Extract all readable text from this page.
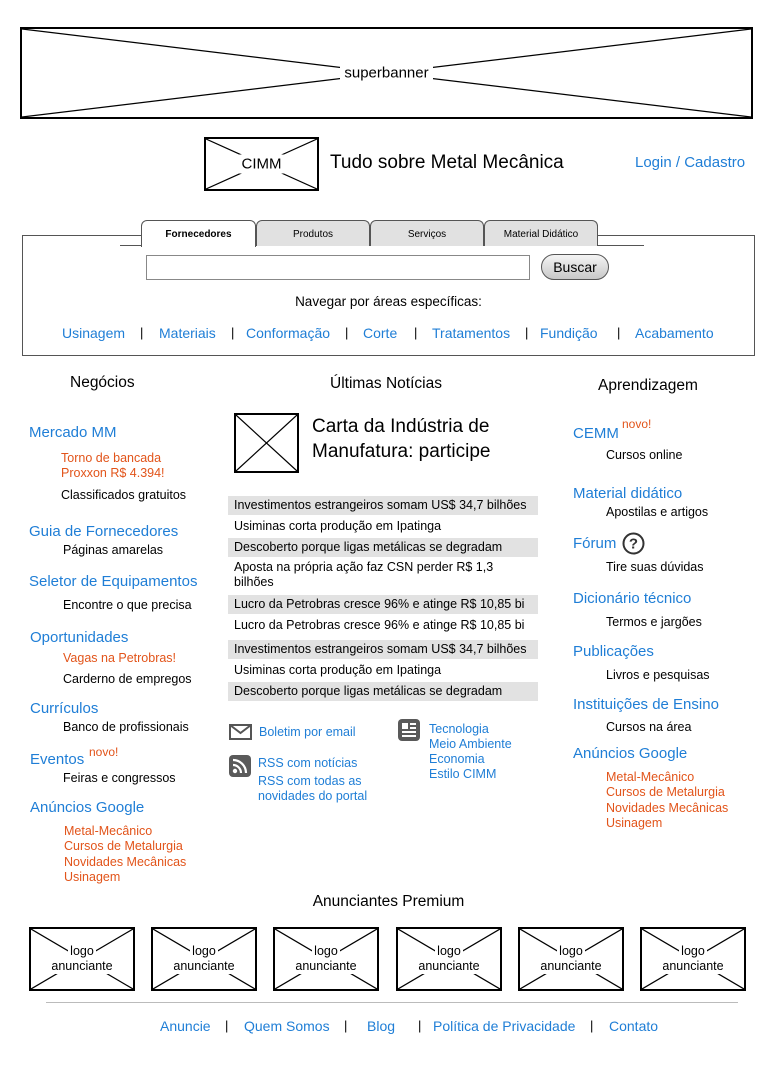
superbanner
CIMM	Tudo sobre Metal Mecânica	Login / Cadastro
Fornecedores	Produtos	Serviços	Material Didático
Buscar
Navegar por áreas específicas:
Usinagem | Materiais | Conformação | Corte | Tratamentos | Fundição | Acabamento
Negócios
Mercado MM
Torno de bancada
Proxxon R$ 4.394!
Classificados gratuitos
Guia de Fornecedores
Páginas amarelas
Seletor de Equipamentos
Encontre o que precisa
Oportunidades
Vagas na Petrobras!
Carderno de empregos
Currículos
Banco de profissionais
Eventos novo!
Feiras e congressos
Anúncios Google
Metal-Mecânico
Cursos de Metalurgia
Novidades Mecânicas
Usinagem
Últimas Notícias
Carta da Indústria de Manufatura: participe
Investimentos estrangeiros somam US$ 34,7 bilhões
Usiminas corta produção em Ipatinga
Descoberto porque ligas metálicas se degradam
Aposta na própria ação faz CSN perder R$ 1,3 bilhões
Lucro da Petrobras cresce 96% e atinge R$ 10,85 bi
Lucro da Petrobras cresce 96% e atinge R$ 10,85 bi
Investimentos estrangeiros somam US$ 34,7 bilhões
Usiminas corta produção em Ipatinga
Descoberto porque ligas metálicas se degradam
Boletim por email
RSS com notícias
RSS com todas as
novidades do portal
Tecnologia
Meio Ambiente
Economia
Estilo CIMM
Aprendizagem
CEMM
novo!
Cursos online
Material didático
Apostilas e artigos
Fórum ?
Tire suas dúvidas
Dicionário técnico
Termos e jargões
Publicações
Livros e pesquisas
Instituições de Ensino
Cursos na área
Anúncios Google
Metal-Mecânico
Cursos de Metalurgia
Novidades Mecânicas
Usinagem
Anunciantes Premium
logo
anunciante
logo
anunciante
logo
anunciante
logo
anunciante
logo
anunciante
logo
anunciante
Anuncie | Quem Somos | Blog | Política de Privacidade | Contato
